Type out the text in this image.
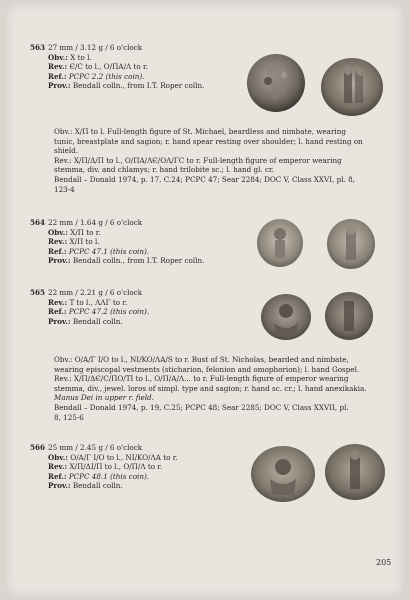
563 27 mm / 3.12 g / 6 o'clock
Obv.: X to l.
Rev.: Є/C to l., O/ΠA/Λ to r.
Ref.: PCPC 2.2 (this coin).
Prov.: Bendall colln., from I.T. Roper colln.
Obv.: X/Π to l. Full-length figure of St. Michael, beardless and nimbate, wearing
tunic, breastplate and sagion; r. hand spear resting over shoulder; l. hand resting on
shield.
Rev.: X/Π/Δ/Π to l., O/ΠA/ΛЄ/OΛ/ΓC to r. Full-length figure of emperor wearing
stemma, div. and chlamys; r. hand trilobite sc.; l. hand gl. cr.
Bendall – Donald 1974, p. 17, C.24; PCPC 47; Sear 2284; DOC V, Class XXVI, pl. 8,
123-4
564 22 mm / 1.64 g / 6 o'clock
Obv.: X/Π to r.
Rev.: X/Π to l.
Ref.: PCPC 47.1 (this coin).
Prov.: Bendall colln., from I.T. Roper colln.
565 22 mm / 2.21 g / 6 o'clock
Rev.: T to l., ΛΛΓ to r.
Ref.: PCPC 47.2 (this coin).
Prov.: Bendall colln.
Obv.: O/A/Γ I/O to l., NI/KO/ΛA/S to r. Bust of St. Nicholas, bearded and nimbate,
wearing episcopal vestments (sticharion, felonion and omophorion); l. hand Gospel.
Rev.: X/Π/ΔЄ/C/ΠO/TI to l., O/Π/A/Λ... to r. Full-length figure of emperor wearing
stemma, div., jewel. loros of simpl. type and sagion; r. hand sc. cr.; l. hand anexikakia.
Manus Dei in upper r. field.
Bendall – Donald 1974, p. 19, C.25; PCPC 48; Sear 2285; DOC V, Class XXVII, pl.
8, 125-6
566 25 mm / 2.45 g / 6 o'clock
Obv.: O/A/Γ I/O to l., NI/KO/ΛA to r.
Rev.: X/Π/ΔΙ/Π to l., O/Π/Λ to r.
Ref.: PCPC 48.1 (this coin).
Prov.: Bendall colln.
205
